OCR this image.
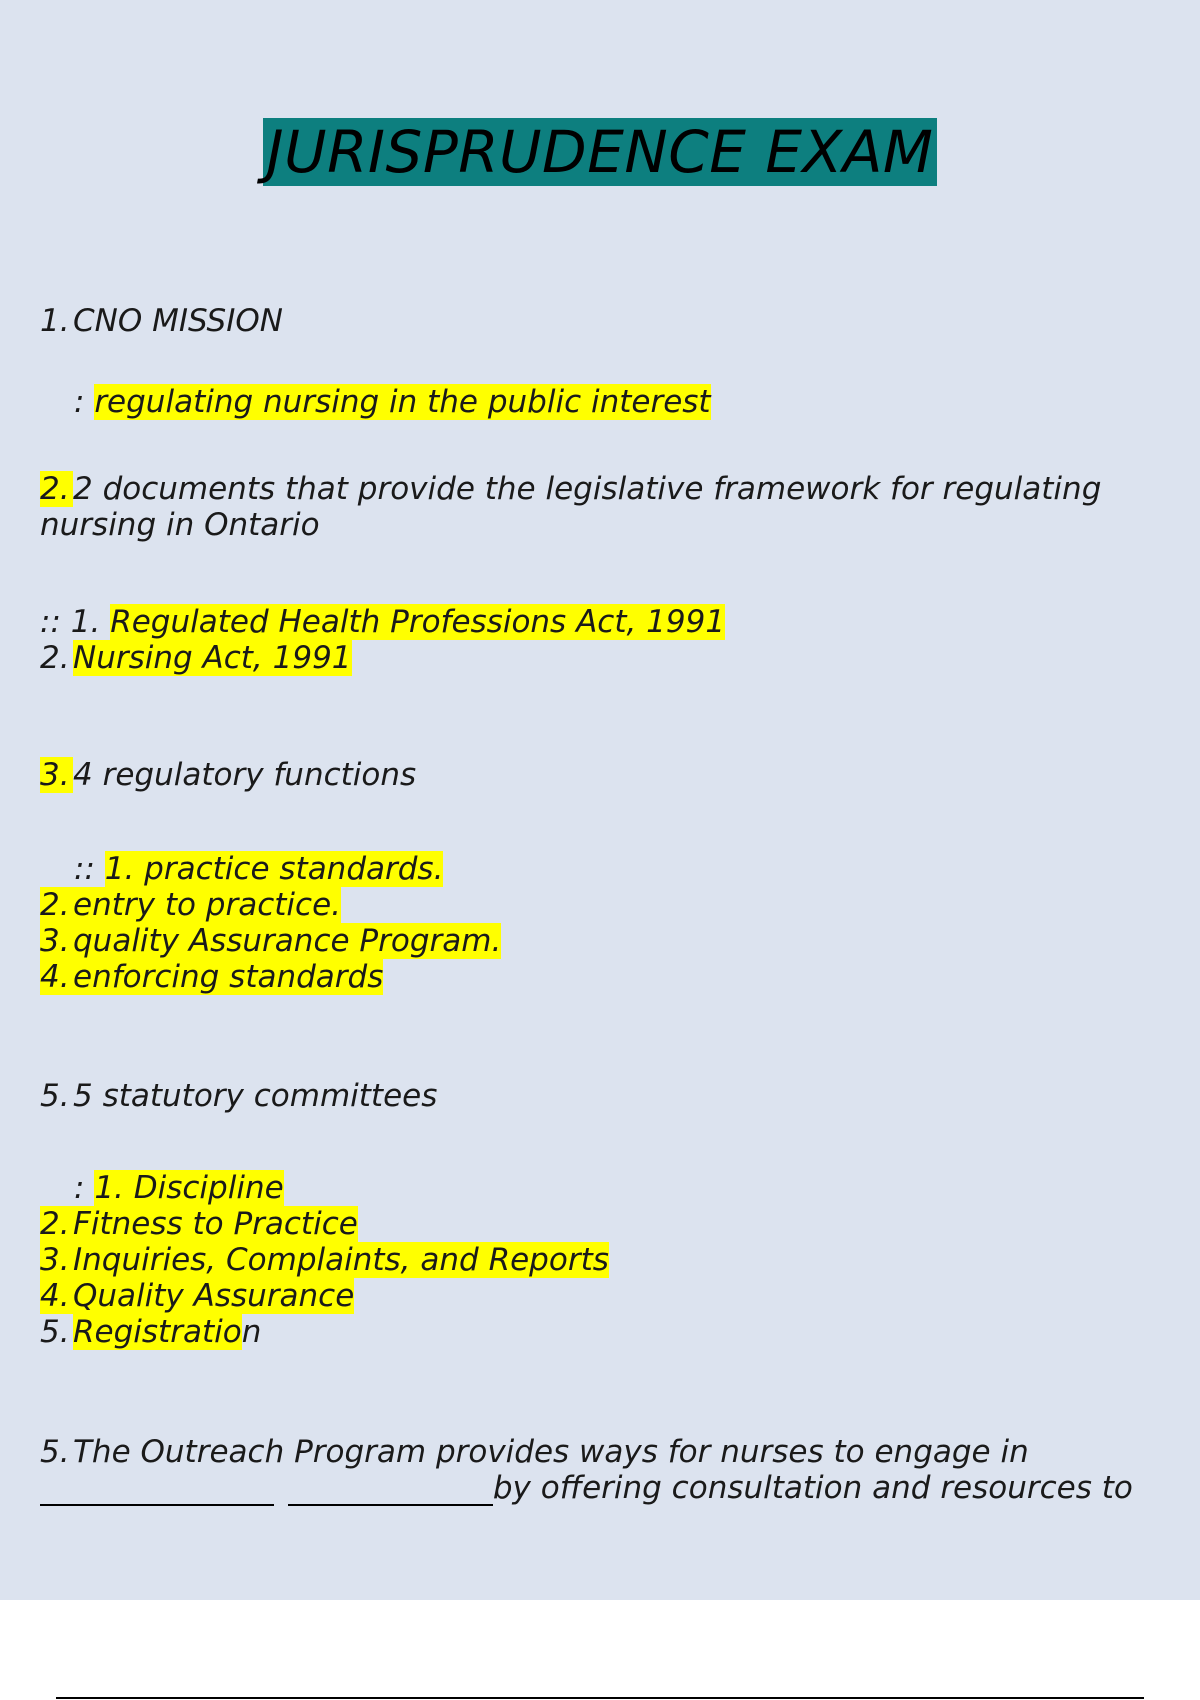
JURISPRUDENCE EXAM
1. CNO MISSION
: regulating nursing in the public interest
2. 2 documents that provide the legislative framework for regulating
nursing in Ontario
:: 1. Regulated Health Professions Act, 1991
2. Nursing Act, 1991
3. 4 regulatory functions
:: 1. practice standards.
2. entry to practice.
3. quality Assurance Program.
4. enforcing standards
5. 5 statutory committees
: 1. Discipline
2. Fitness to Practice
3. Inquiries, Complaints, and Reports
4. Quality Assurance
5. Registration
5. The Outreach Program provides ways for nurses to engage in
by offering consultation and resources to
